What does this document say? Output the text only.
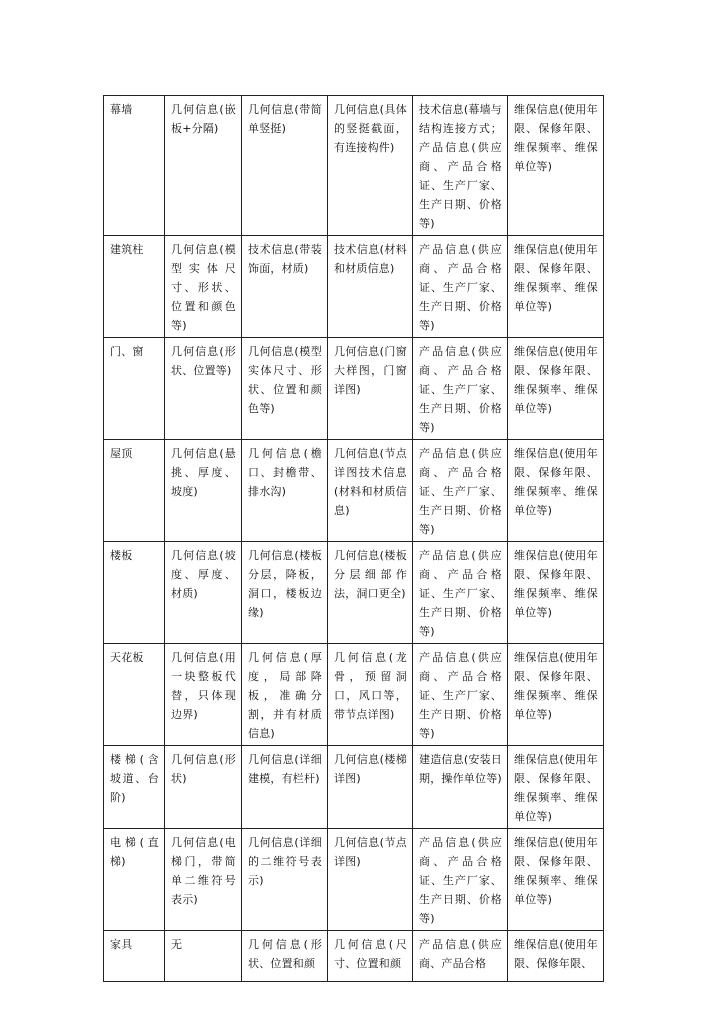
幕墙	几何信息(嵌板+分隔)	几何信息(带简单竖挺)	几何信息(具体的竖挺截面，有连接构件)	技术信息(幕墙与结构连接方式；产品信息(供应商、产品合格证、生产厂家、生产日期、价格等)	维保信息(使用年限、保修年限、维保频率、维保单位等)
建筑柱	几何信息(模型实体尺寸、形状、位置和颜色等)	技术信息(带装饰面，材质)	技术信息(材料和材质信息)	产品信息(供应商、产品合格证、生产厂家、生产日期、价格等)	维保信息(使用年限、保修年限、维保频率、维保单位等)
门、窗	几何信息(形状、位置等)	几何信息(模型实体尺寸、形状、位置和颜色等)	几何信息(门窗大样图，门窗详图)	产品信息(供应商、产品合格证、生产厂家、生产日期、价格等)	维保信息(使用年限、保修年限、维保频率、维保单位等)
屋顶	几何信息(悬挑、厚度、坡度)	几何信息(檐口、封檐带、排水沟)	几何信息(节点详图技术信息(材料和材质信息)	产品信息(供应商、产品合格证、生产厂家、生产日期、价格等)	维保信息(使用年限、保修年限、维保频率、维保单位等)
楼板	几何信息(坡度、厚度、材质)	几何信息(楼板分层，降板，洞口，楼板边缘)	几何信息(楼板分层细部作法，洞口更全)	产品信息(供应商、产品合格证、生产厂家、生产日期、价格等)	维保信息(使用年限、保修年限、维保频率、维保单位等)
天花板	几何信息(用一块整板代替，只体现边界)	几何信息(厚度，局部降板，准确分割，并有材质信息)	几何信息(龙骨，预留洞口，风口等，带节点详图)	产品信息(供应商、产品合格证、生产厂家、生产日期、价格等)	维保信息(使用年限、保修年限、维保频率、维保单位等)
楼梯(含坡道、台阶)	几何信息(形状)	几何信息(详细建模，有栏杆)	几何信息(楼梯详图)	建造信息(安装日期，操作单位等)	维保信息(使用年限、保修年限、维保频率、维保单位等)
电梯(直梯)	几何信息(电梯门，带简单二维符号表示)	几何信息(详细的二维符号表示)	几何信息(节点详图)	产品信息(供应商、产品合格证、生产厂家、生产日期、价格等)	维保信息(使用年限、保修年限、维保频率、维保单位等)
家具	无	几何信息(形状、位置和颜	几何信息(尺寸、位置和颜	产品信息(供应商、产品合格	维保信息(使用年限、保修年限、
